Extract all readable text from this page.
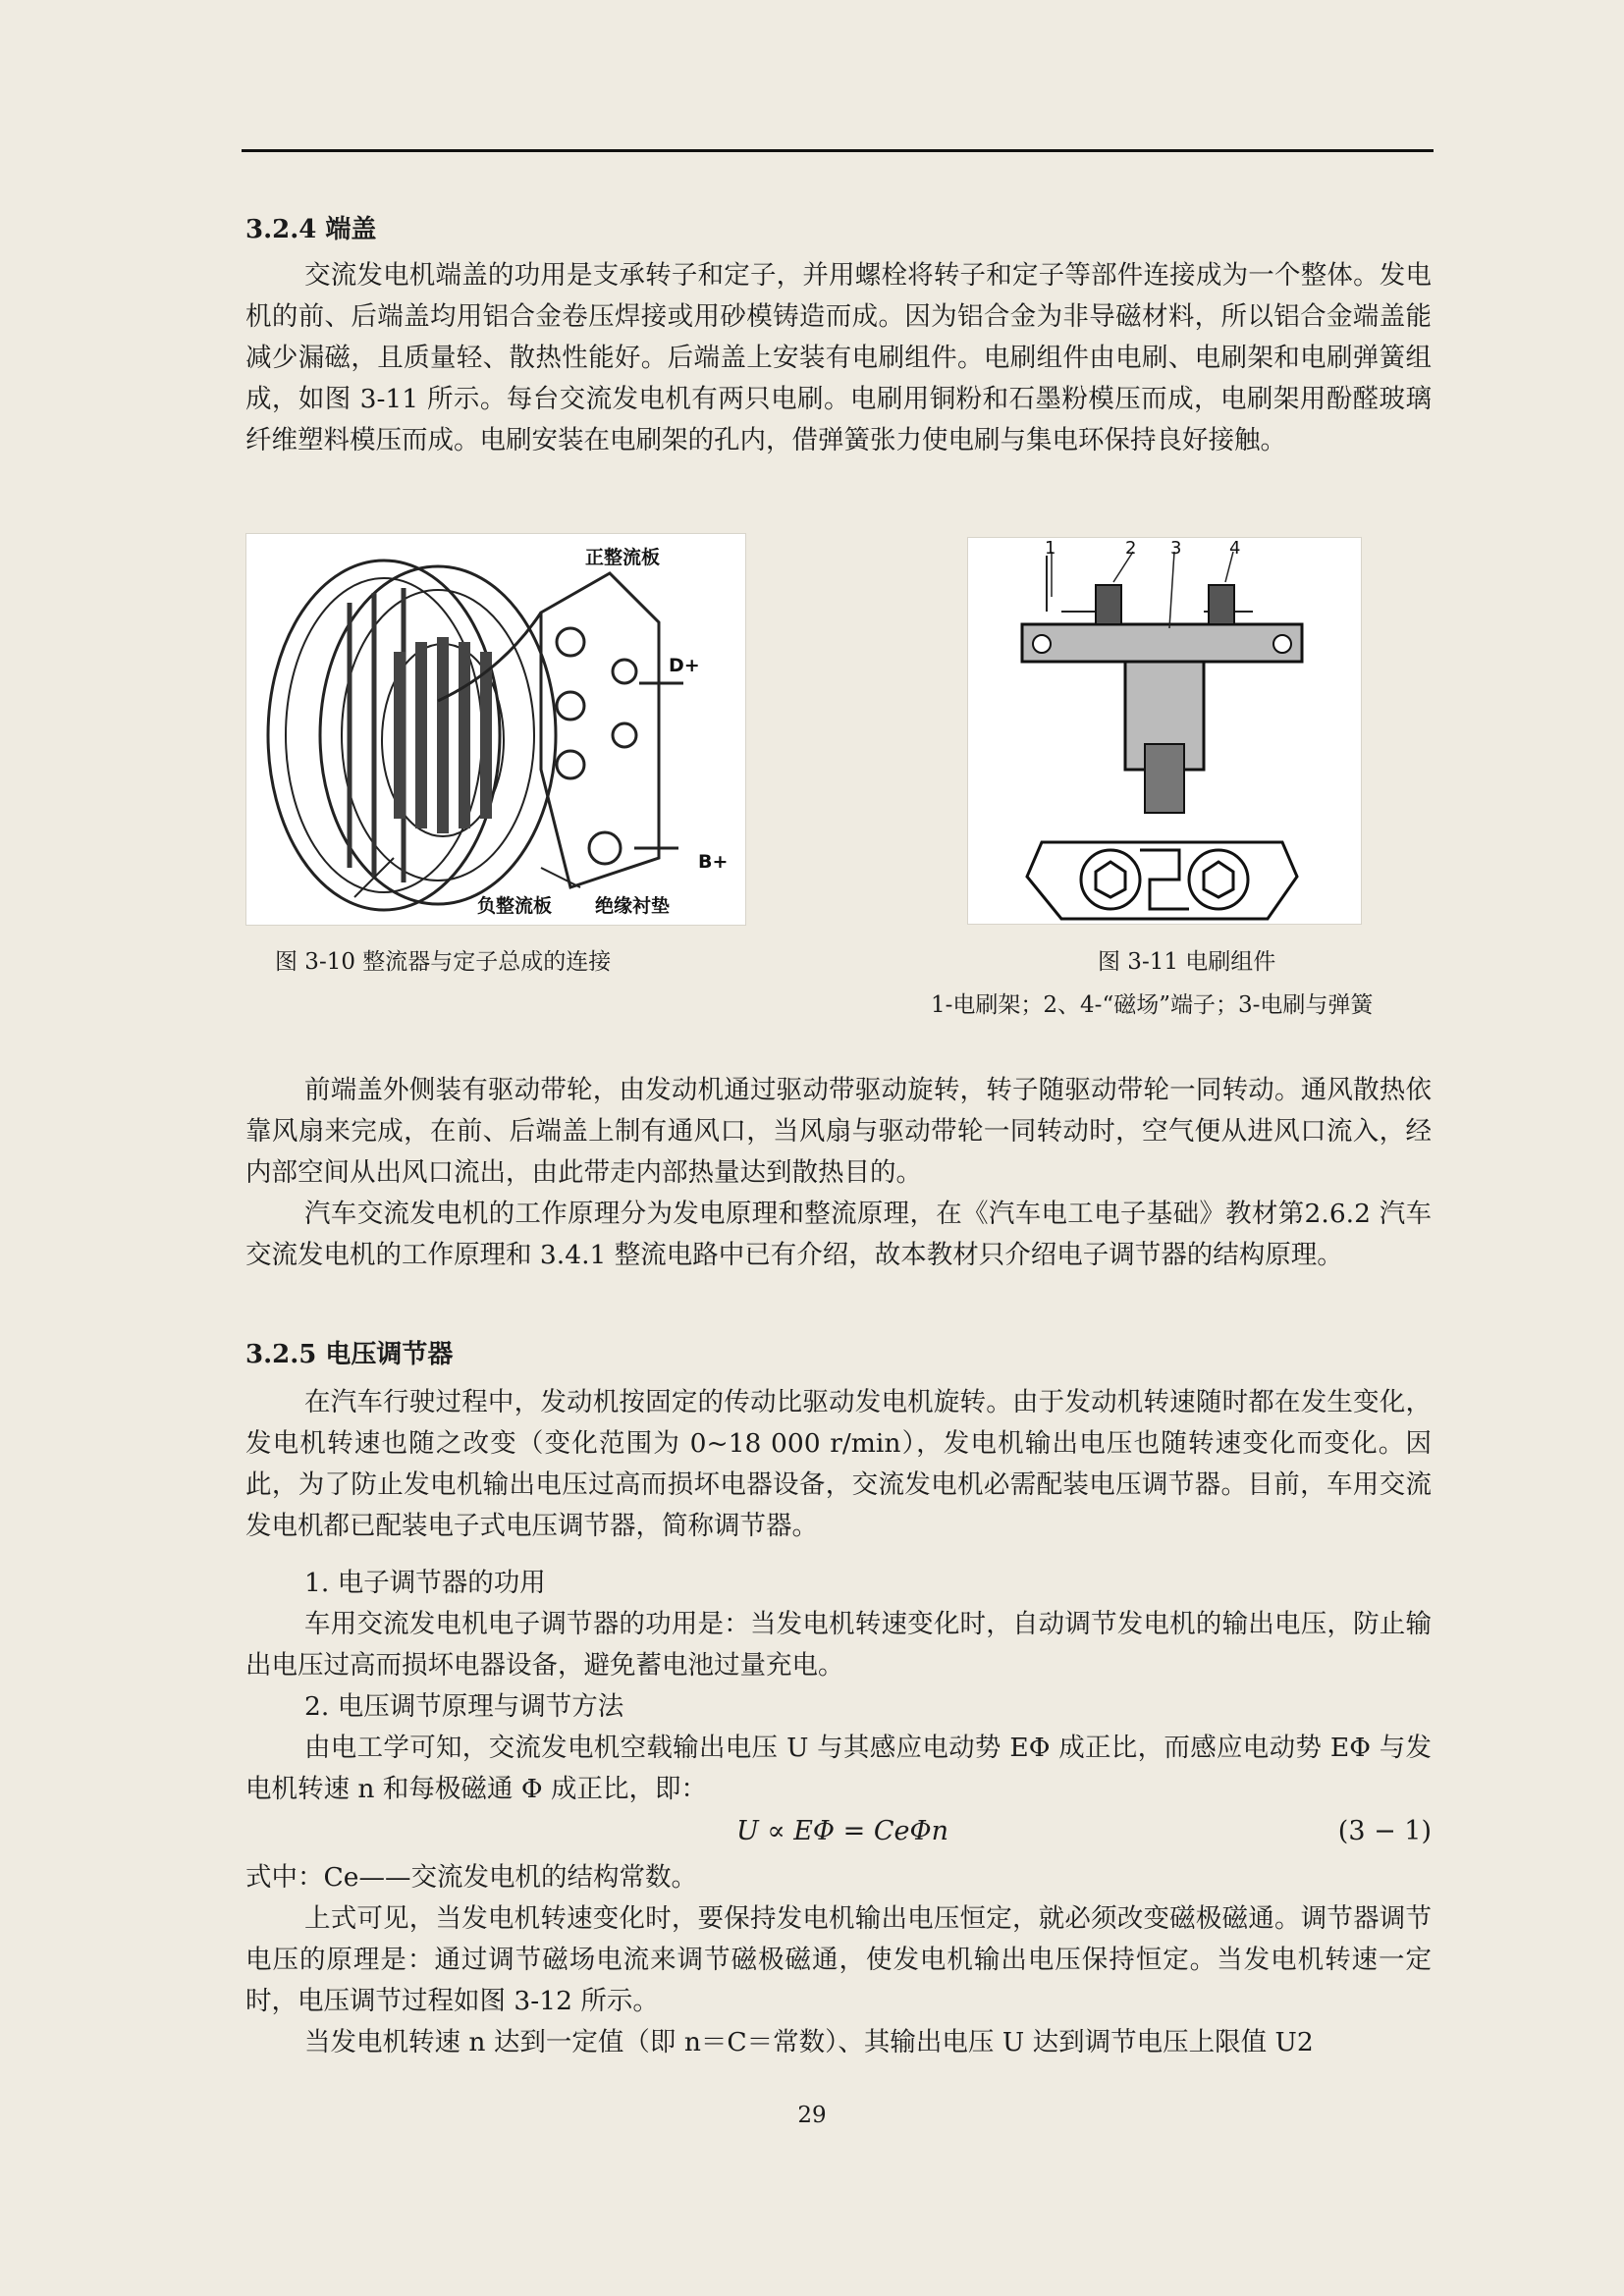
3.2.4 端盖

交流发电机端盖的功用是支承转子和定子，并用螺栓将转子和定子等部件连接成为一个整体。发电机的前、后端盖均用铝合金卷压焊接或用砂模铸造而成。因为铝合金为非导磁材料，所以铝合金端盖能减少漏磁，且质量轻、散热性能好。后端盖上安装有电刷组件。电刷组件由电刷、电刷架和电刷弹簧组成，如图 3-11 所示。每台交流发电机有两只电刷。电刷用铜粉和石墨粉模压而成，电刷架用酚醛玻璃纤维塑料模压而成。电刷安装在电刷架的孔内，借弹簧张力使电刷与集电环保持良好接触。

正整流板
D+
B+
负整流板 绝缘衬垫
图 3-10 整流器与定子总成的连接
1	2 3	4
图 3-11 电刷组件
1-电刷架；2、4-“磁场”端子；3-电刷与弹簧

前端盖外侧装有驱动带轮，由发动机通过驱动带驱动旋转，转子随驱动带轮一同转动。通风散热依靠风扇来完成，在前、后端盖上制有通风口，当风扇与驱动带轮一同转动时，空气便从进风口流入，经内部空间从出风口流出，由此带走内部热量达到散热目的。

汽车交流发电机的工作原理分为发电原理和整流原理，在《汽车电工电子基础》教材第2.6.2 汽车交流发电机的工作原理和 3.4.1 整流电路中已有介绍，故本教材只介绍电子调节器的结构原理。

3.2.5 电压调节器

在汽车行驶过程中，发动机按固定的传动比驱动发电机旋转。由于发动机转速随时都在发生变化，发电机转速也随之改变（变化范围为 0~18 000 r/min），发电机输出电压也随转速变化而变化。因此，为了防止发电机输出电压过高而损坏电器设备，交流发电机必需配装电压调节器。目前，车用交流发电机都已配装电子式电压调节器，简称调节器。

1. 电子调节器的功用

车用交流发电机电子调节器的功用是：当发电机转速变化时，自动调节发电机的输出电压，防止输出电压过高而损坏电器设备，避免蓄电池过量充电。

2. 电压调节原理与调节方法

由电工学可知，交流发电机空载输出电压 U 与其感应电动势 EΦ 成正比，而感应电动势 EΦ 与发电机转速 n 和每极磁通 Φ 成正比，即：

U ∝ EΦ = CeΦn	(3 − 1)
式中：Ce——交流发电机的结构常数。

上式可见，当发电机转速变化时，要保持发电机输出电压恒定，就必须改变磁极磁通。调节器调节电压的原理是：通过调节磁场电流来调节磁极磁通，使发电机输出电压保持恒定。当发电机转速一定时，电压调节过程如图 3-12 所示。

当发电机转速 n 达到一定值（即 n＝C＝常数）、其输出电压 U 达到调节电压上限值 U2

29
